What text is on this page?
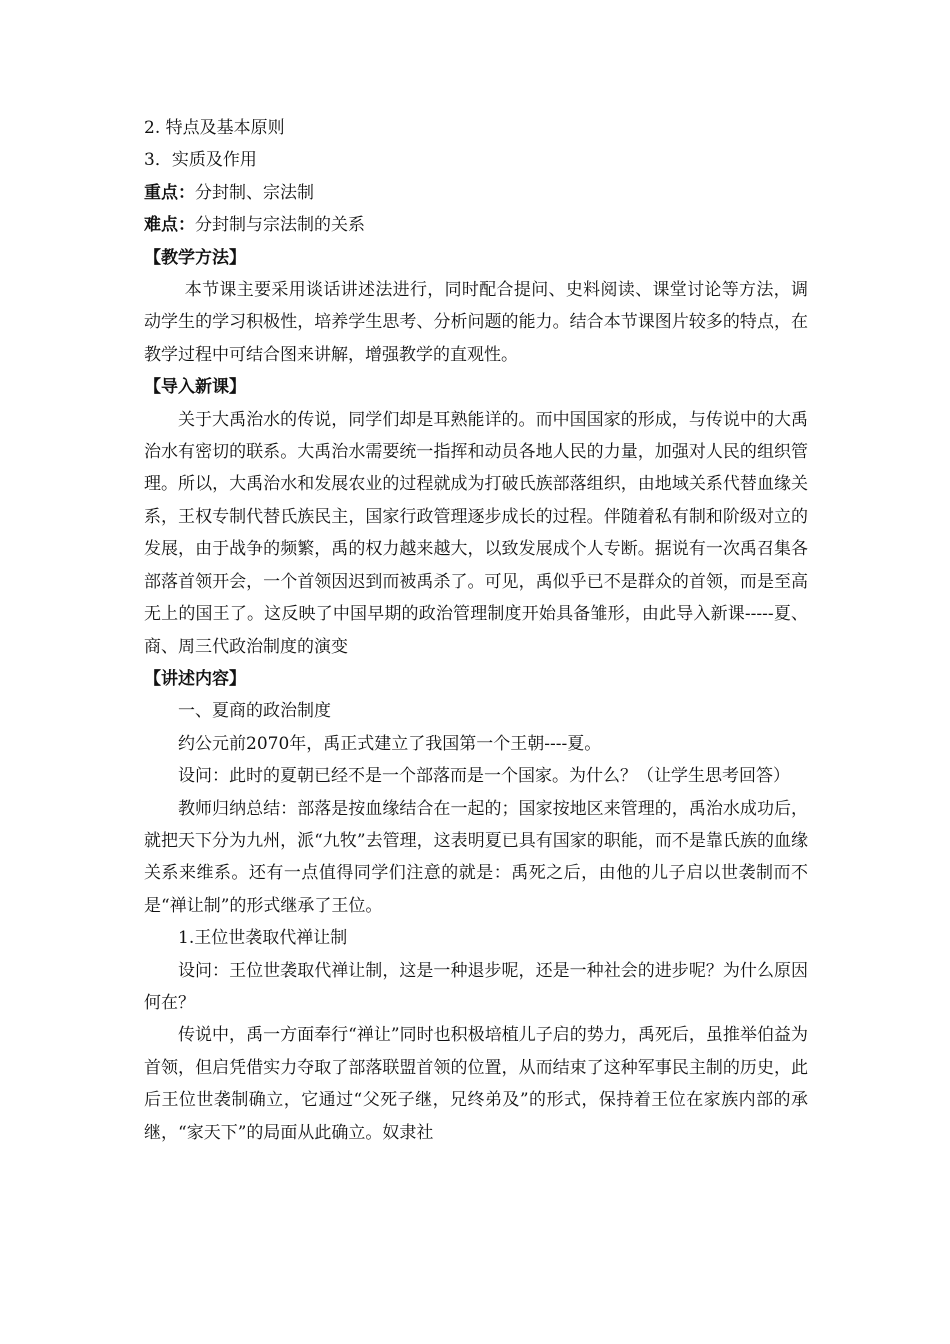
2. 特点及基本原则
3．实质及作用
重点：分封制、宗法制
难点：分封制与宗法制的关系
【教学方法】
本节课主要采用谈话讲述法进行，同时配合提问、史料阅读、课堂讨论等方法，调动学生的学习积极性，培养学生思考、分析问题的能力。结合本节课图片较多的特点，在教学过程中可结合图来讲解，增强教学的直观性。
【导入新课】
关于大禹治水的传说，同学们却是耳熟能详的。而中国国家的形成，与传说中的大禹治水有密切的联系。大禹治水需要统一指挥和动员各地人民的力量，加强对人民的组织管理。所以，大禹治水和发展农业的过程就成为打破氏族部落组织，由地域关系代替血缘关系，王权专制代替氏族民主，国家行政管理逐步成长的过程。伴随着私有制和阶级对立的发展，由于战争的频繁，禹的权力越来越大，以致发展成个人专断。据说有一次禹召集各部落首领开会，一个首领因迟到而被禹杀了。可见，禹似乎已不是群众的首领，而是至高无上的国王了。这反映了中国早期的政治管理制度开始具备雏形，由此导入新课-----夏、商、周三代政治制度的演变
【讲述内容】
一、夏商的政治制度
约公元前2070年，禹正式建立了我国第一个王朝----夏。
设问：此时的夏朝已经不是一个部落而是一个国家。为什么？（让学生思考回答）
教师归纳总结：部落是按血缘结合在一起的；国家按地区来管理的，禹治水成功后，就把天下分为九州，派“九牧”去管理，这表明夏已具有国家的职能，而不是靠氏族的血缘关系来维系。还有一点值得同学们注意的就是：禹死之后，由他的儿子启以世袭制而不是“禅让制”的形式继承了王位。
1.王位世袭取代禅让制
设问：王位世袭取代禅让制，这是一种退步呢，还是一种社会的进步呢？为什么原因何在？
传说中，禹一方面奉行“禅让”同时也积极培植儿子启的势力，禹死后，虽推举伯益为首领，但启凭借实力夺取了部落联盟首领的位置，从而结束了这种军事民主制的历史，此后王位世袭制确立，它通过“父死子继，兄终弟及”的形式，保持着王位在家族内部的承继，“家天下”的局面从此确立。奴隶社
